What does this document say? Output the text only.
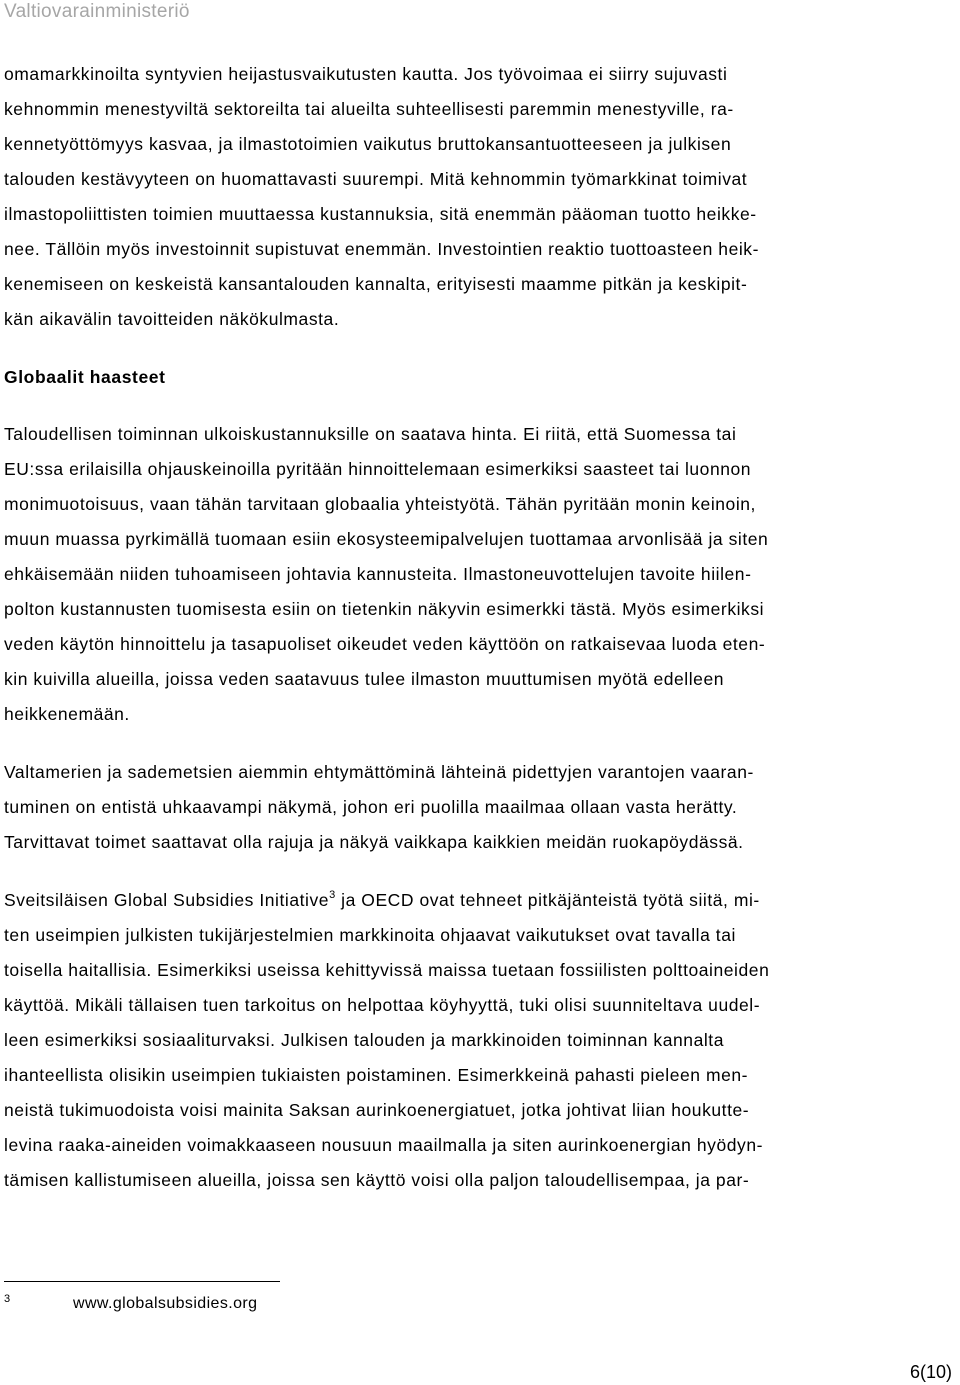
Valtiovarainministeriö

omamarkkinoilta syntyvien heijastusvaikutusten kautta. Jos työvoimaa ei siirry sujuvasti
kehnommin menestyviltä sektoreilta tai alueilta suhteellisesti paremmin menestyville, ra-
kennetyöttömyys kasvaa, ja ilmastotoimien vaikutus bruttokansantuotteeseen ja julkisen
talouden kestävyyteen on huomattavasti suurempi. Mitä kehnommin työmarkkinat toimivat
ilmastopoliittisten toimien muuttaessa kustannuksia, sitä enemmän pääoman tuotto heikke-
nee. Tällöin myös investoinnit supistuvat enemmän. Investointien reaktio tuottoasteen heik-
kenemiseen on keskeistä kansantalouden kannalta, erityisesti maamme pitkän ja keskipit-
kän aikavälin tavoitteiden näkökulmasta.

Globaalit haasteet

Taloudellisen toiminnan ulkoiskustannuksille on saatava hinta. Ei riitä, että Suomessa tai
EU:ssa erilaisilla ohjauskeinoilla pyritään hinnoittelemaan esimerkiksi saasteet tai luonnon
monimuotoisuus, vaan tähän tarvitaan globaalia yhteistyötä. Tähän pyritään monin keinoin,
muun muassa pyrkimällä tuomaan esiin ekosysteemipalvelujen tuottamaa arvonlisää ja siten
ehkäisemään niiden tuhoamiseen johtavia kannusteita. Ilmastoneuvottelujen tavoite hiilen-
polton kustannusten tuomisesta esiin on tietenkin näkyvin esimerkki tästä. Myös esimerkiksi
veden käytön hinnoittelu ja tasapuoliset oikeudet veden käyttöön on ratkaisevaa luoda eten-
kin kuivilla alueilla, joissa veden saatavuus tulee ilmaston muuttumisen myötä edelleen
heikkenemään.

Valtamerien ja sademetsien aiemmin ehtymättöminä lähteinä pidettyjen varantojen vaaran-
tuminen on entistä uhkaavampi näkymä, johon eri puolilla maailmaa ollaan vasta herätty.
Tarvittavat toimet saattavat olla rajuja ja näkyä vaikkapa kaikkien meidän ruokapöydässä.

Sveitsiläisen Global Subsidies Initiative$^3$ ja OECD ovat tehneet pitkäjänteistä työtä siitä, mi-
ten useimpien julkisten tukijärjestelmien markkinoita ohjaavat vaikutukset ovat tavalla tai
toisella haitallisia. Esimerkiksi useissa kehittyvissä maissa tuetaan fossiilisten polttoaineiden
käyttöä. Mikäli tällaisen tuen tarkoitus on helpottaa köyhyyttä, tuki olisi suunniteltava uudel-
leen esimerkiksi sosiaaliturvaksi. Julkisen talouden ja markkinoiden toiminnan kannalta
ihanteellista olisikin useimpien tukiaisten poistaminen. Esimerkkeinä pahasti pieleen men-
neistä tukimuodoista voisi mainita Saksan aurinkoenergiatuet, jotka johtivat liian houkutte-
levina raaka-aineiden voimakkaaseen nousuun maailmalla ja siten aurinkoenergian hyödyn-
tämisen kallistumiseen alueilla, joissa sen käyttö voisi olla paljon taloudellisempaa, ja par-

3	www.globalsubsidies.org
6(10)
